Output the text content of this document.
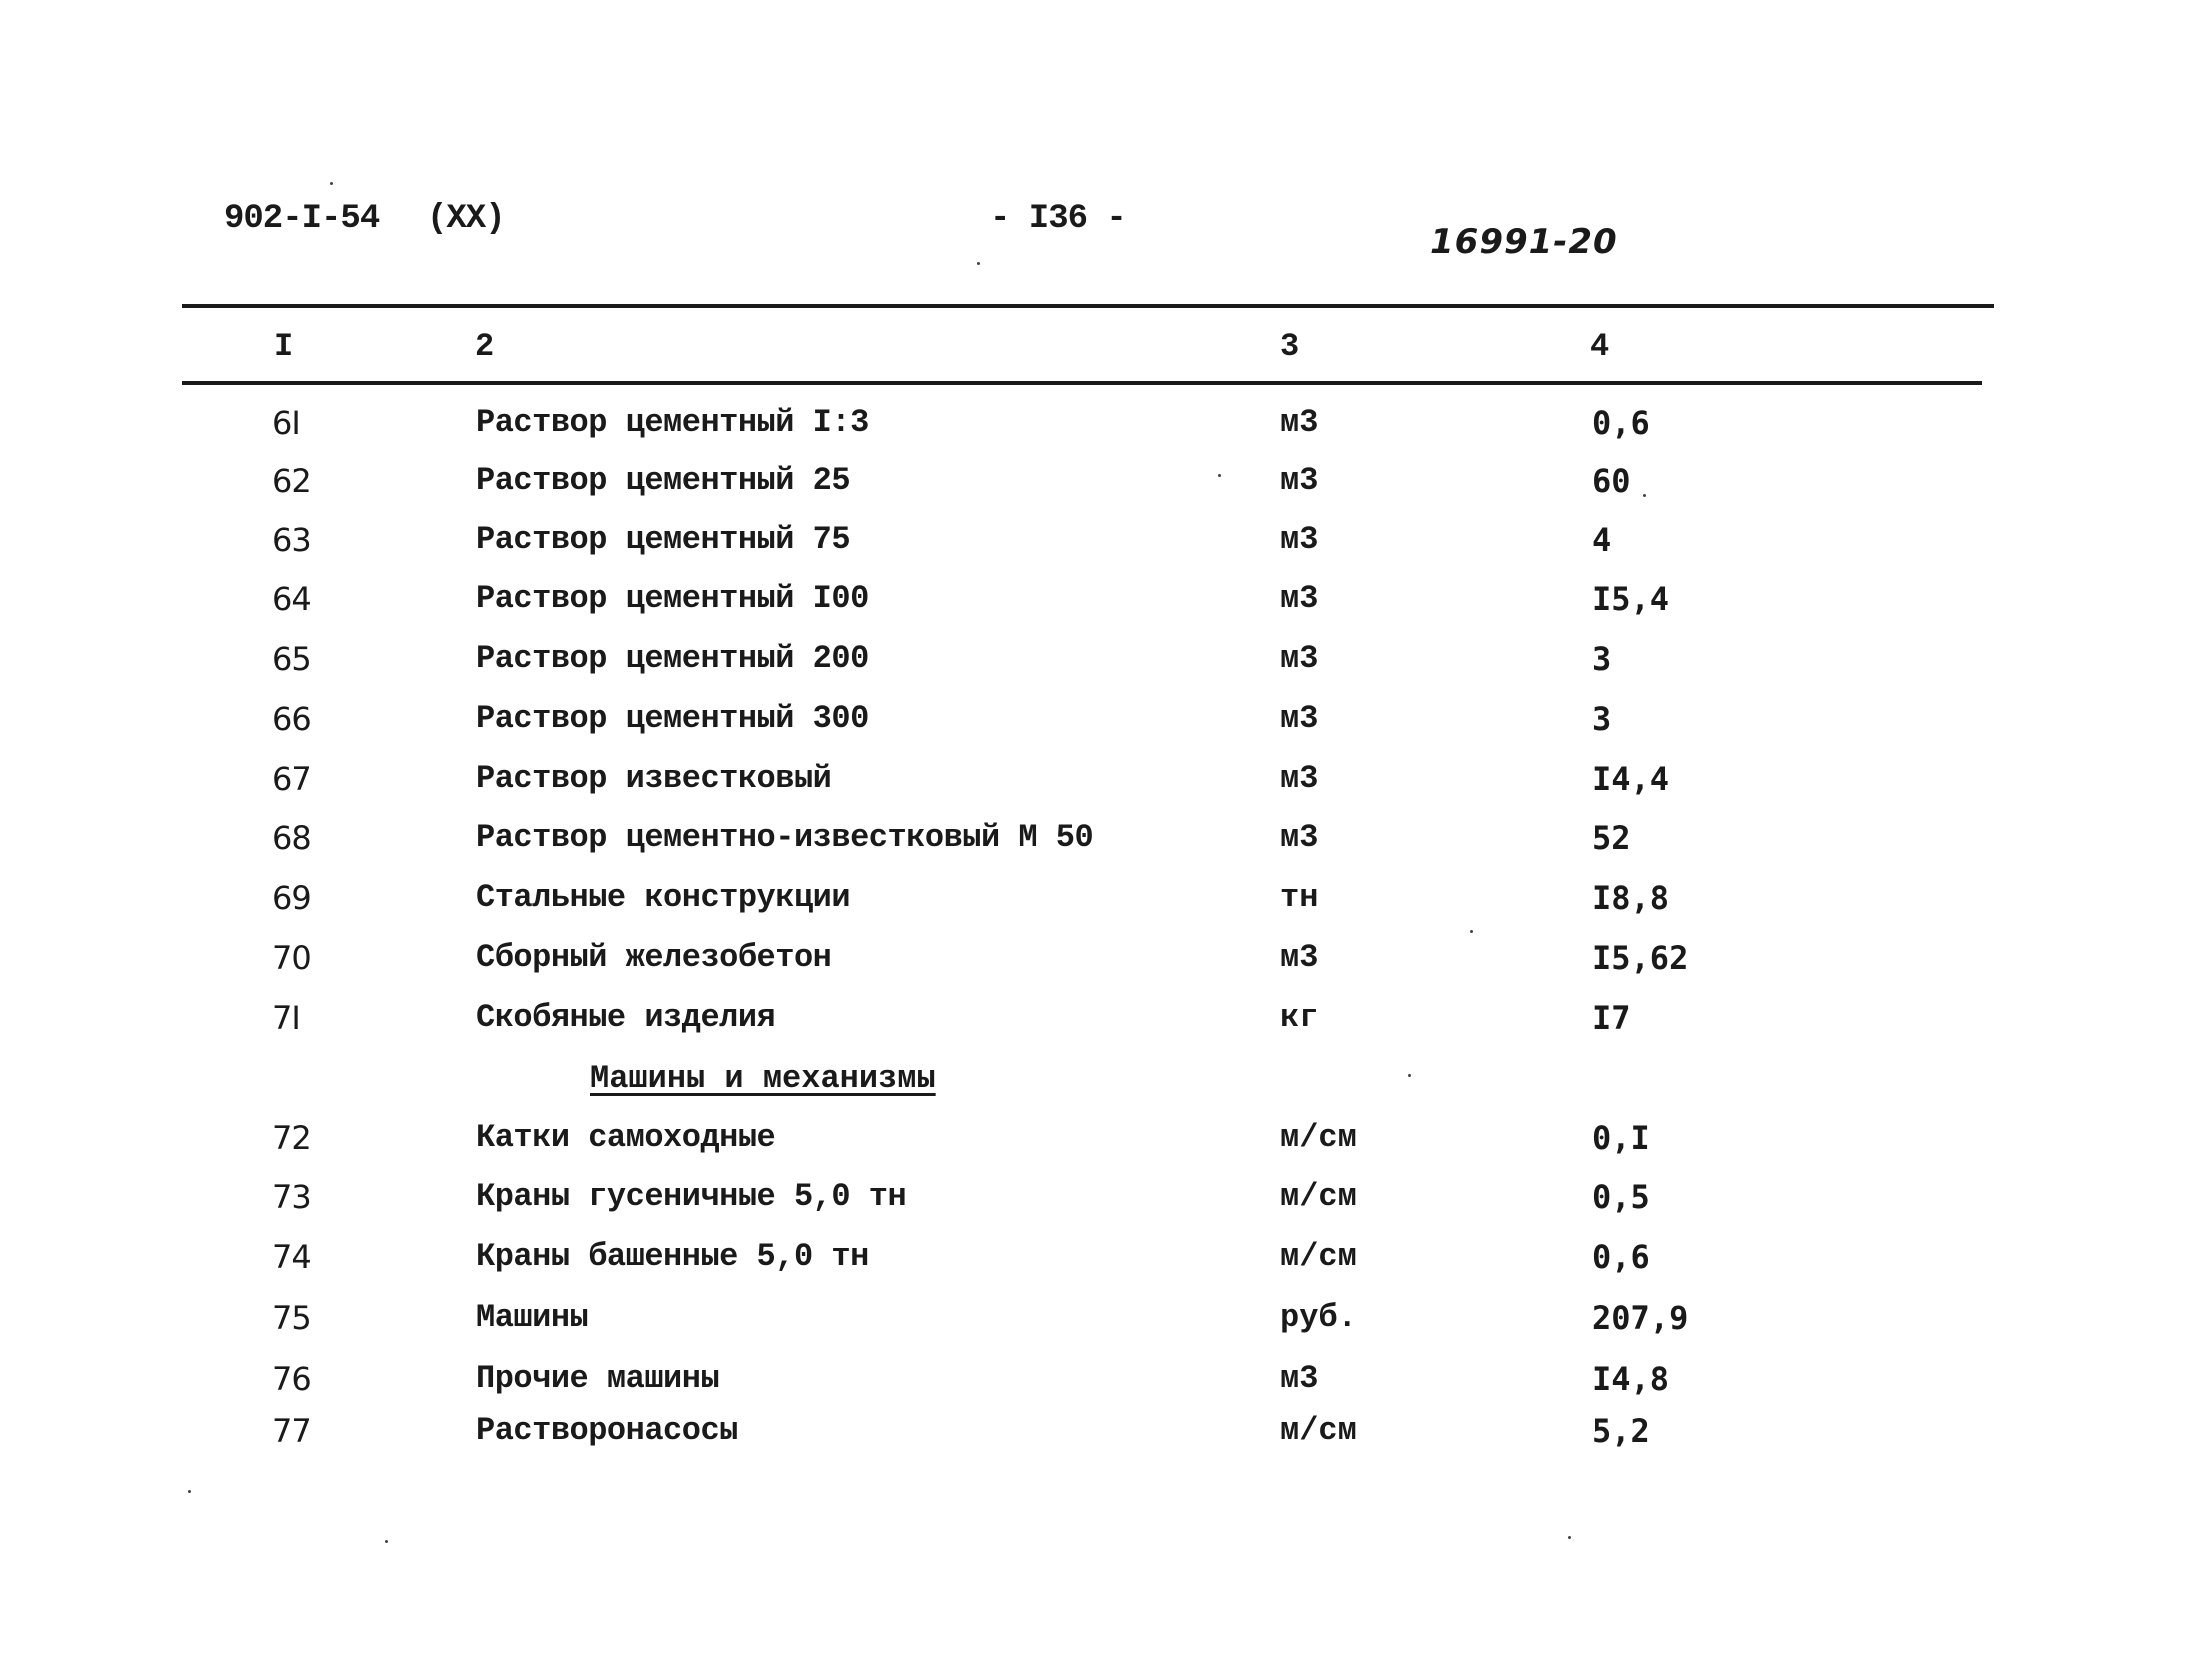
902-I-54 (XX)	- I36 -
16991-20
I	2	3	4
6I	Раствор цементный I:3	м3	0,6
62	Раствор цементный 25	м3	60
63	Раствор цементный 75	м3	4
64	Раствор цементный I00	м3	I5,4
65	Раствор цементный 200	м3	3
66	Раствор цементный 300	м3	3
67	Раствор известковый	м3	I4,4
68	Раствор цементно-известковый М 50	м3	52
69	Стальные конструкции	тн	I8,8
70	Сборный железобетон	м3	I5,62
7I	Скобяные изделия	кг	I7
Машины и механизмы
72	Катки самоходные	м/см	0,I
73	Краны гусеничные 5,0 тн	м/см	0,5
74	Краны башенные 5,0 тн	м/см	0,6
75	Машины	руб.	207,9
76	Прочие машины	м3	I4,8
77	Растворонасосы	м/см	5,2
